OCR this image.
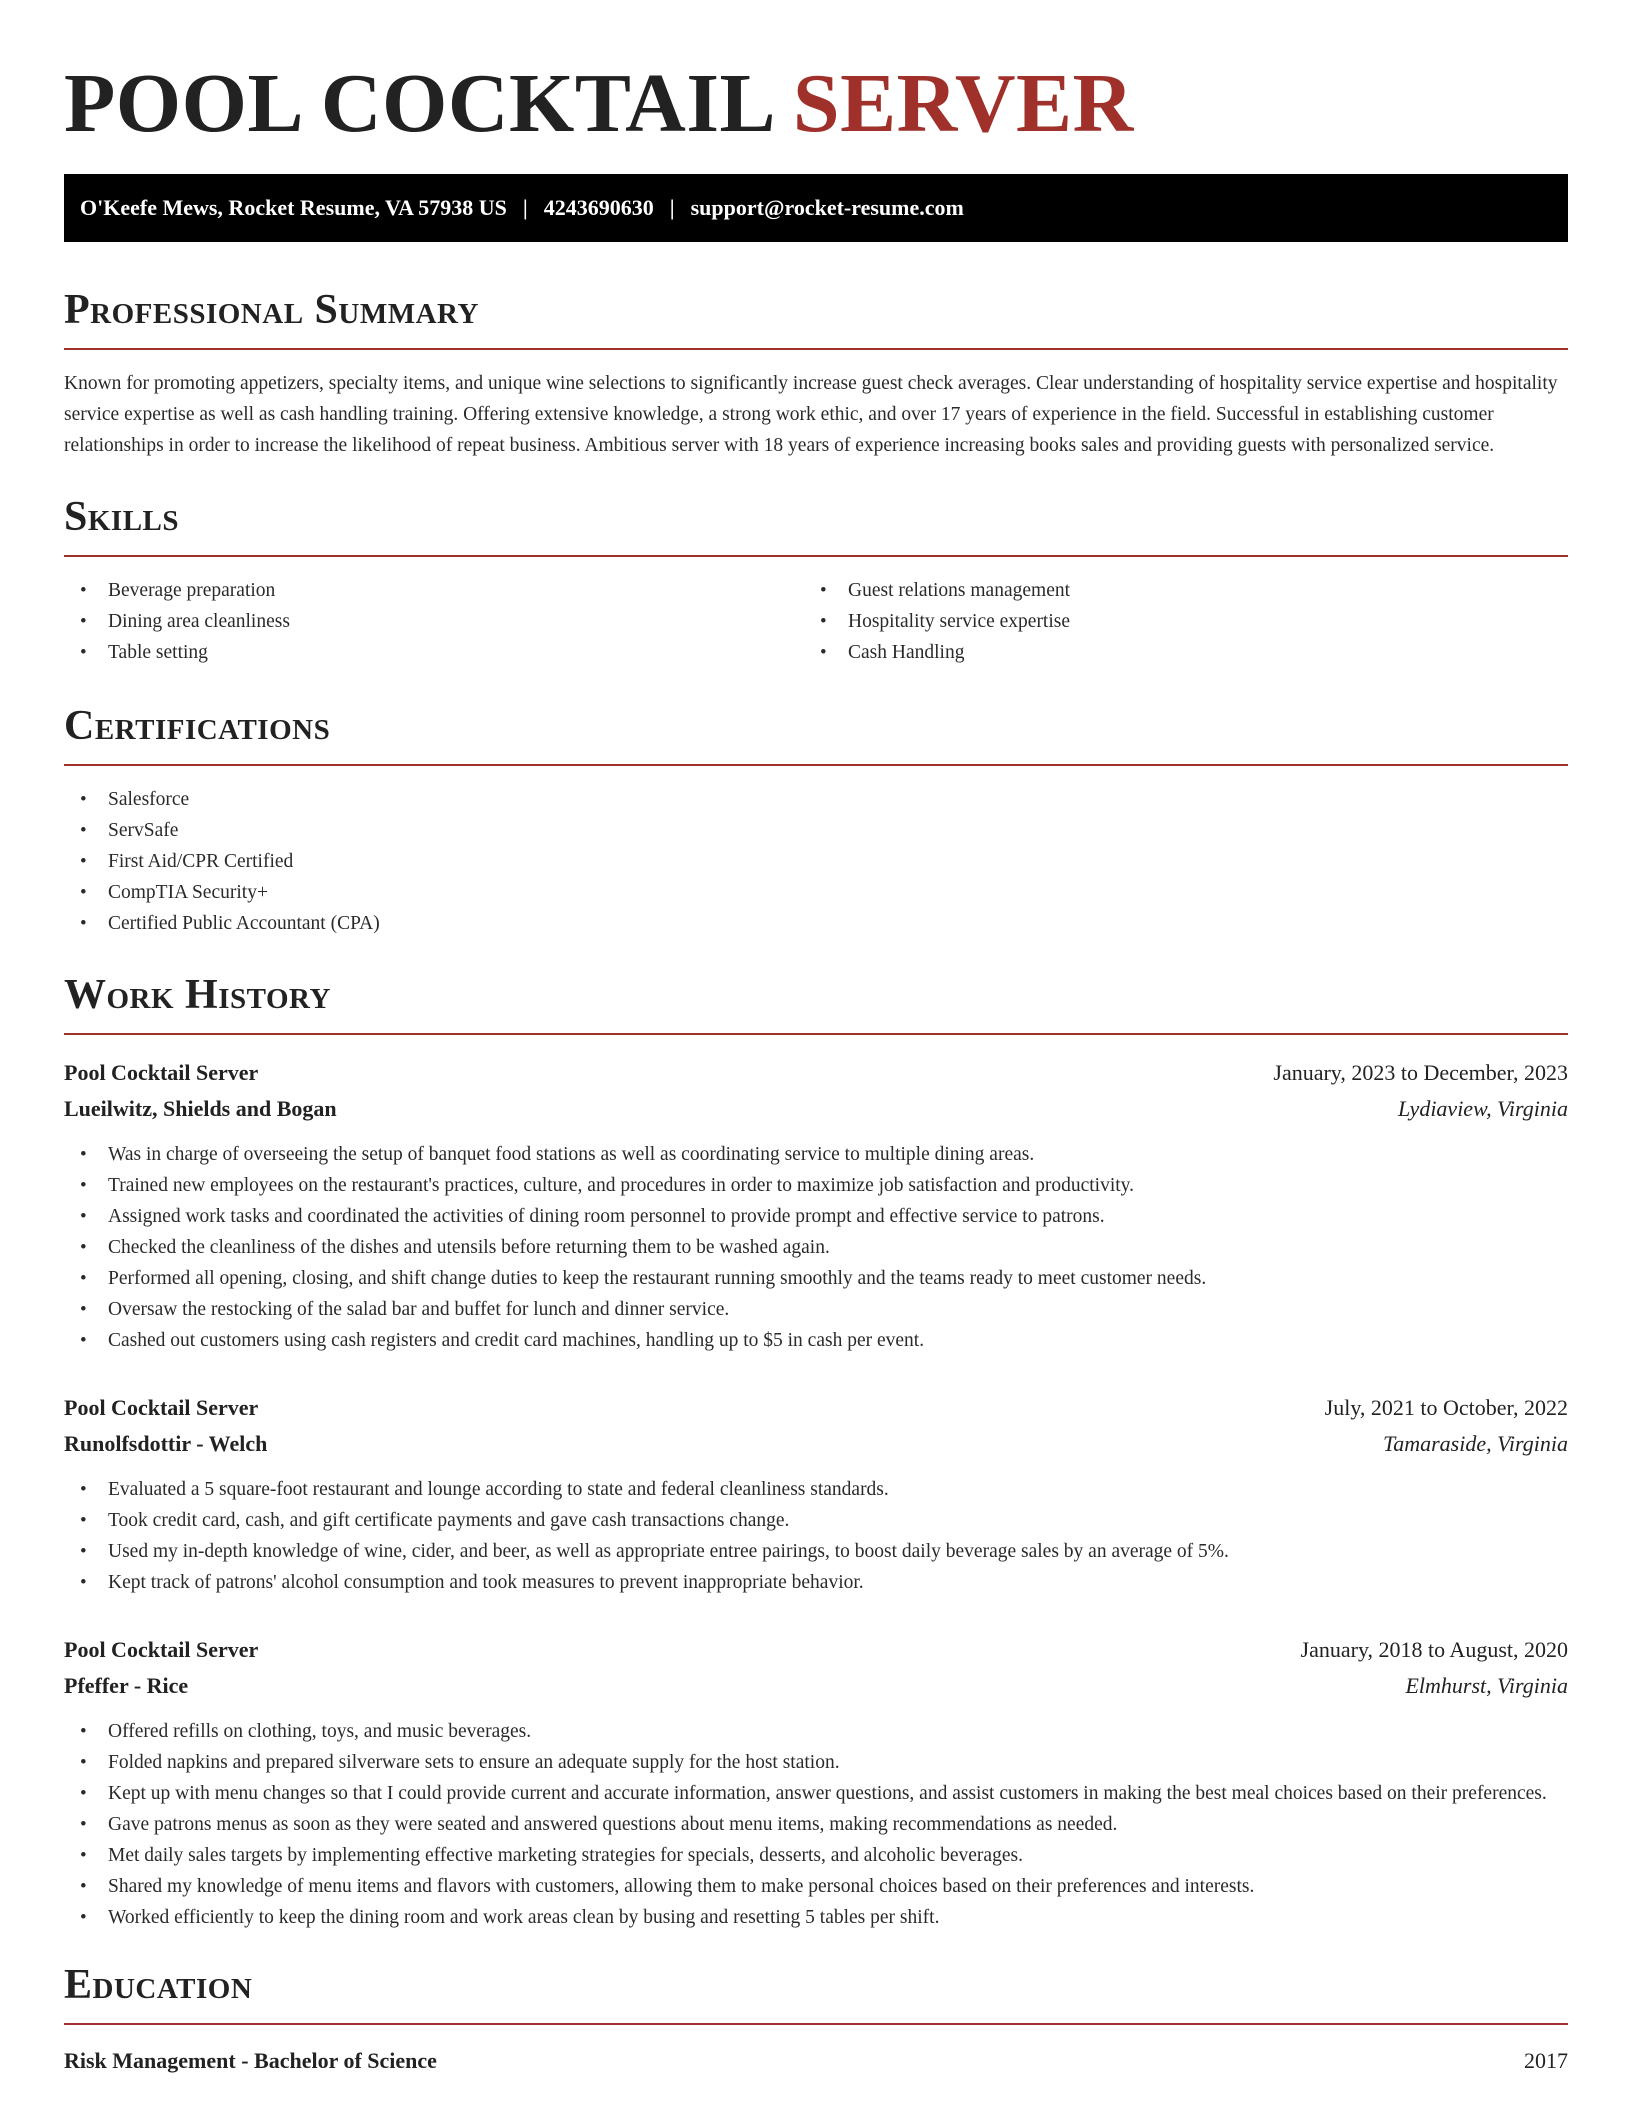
POOL COCKTAIL SERVER
O'Keefe Mews, Rocket Resume, VA 57938 US | 4243690630 | support@rocket-resume.com
Professional Summary

Known for promoting appetizers, specialty items, and unique wine selections to significantly increase guest check averages. Clear understanding of hospitality service expertise and hospitality service expertise as well as cash handling training. Offering extensive knowledge, a strong work ethic, and over 17 years of experience in the field. Successful in establishing customer relationships in order to increase the likelihood of repeat business. Ambitious server with 18 years of experience increasing books sales and providing guests with personalized service.

Skills
• Beverage preparation
• Dining area cleanliness
• Table setting
• Guest relations management
• Hospitality service expertise
• Cash Handling
Certifications
• Salesforce
• ServSafe
• First Aid/CPR Certified
• CompTIA Security+
• Certified Public Accountant (CPA)
Work History
Pool Cocktail Server	January, 2023 to December, 2023
Lueilwitz, Shields and Bogan	Lydiaview, Virginia
• Was in charge of overseeing the setup of banquet food stations as well as coordinating service to multiple dining areas.
• Trained new employees on the restaurant's practices, culture, and procedures in order to maximize job satisfaction and productivity.
• Assigned work tasks and coordinated the activities of dining room personnel to provide prompt and effective service to patrons.
• Checked the cleanliness of the dishes and utensils before returning them to be washed again.
• Performed all opening, closing, and shift change duties to keep the restaurant running smoothly and the teams ready to meet customer needs.
• Oversaw the restocking of the salad bar and buffet for lunch and dinner service.
• Cashed out customers using cash registers and credit card machines, handling up to $5 in cash per event.
Pool Cocktail Server	July, 2021 to October, 2022
Runolfsdottir - Welch	Tamaraside, Virginia
• Evaluated a 5 square-foot restaurant and lounge according to state and federal cleanliness standards.
• Took credit card, cash, and gift certificate payments and gave cash transactions change.
• Used my in-depth knowledge of wine, cider, and beer, as well as appropriate entree pairings, to boost daily beverage sales by an average of 5%.
• Kept track of patrons' alcohol consumption and took measures to prevent inappropriate behavior.
Pool Cocktail Server	January, 2018 to August, 2020
Pfeffer - Rice	Elmhurst, Virginia
• Offered refills on clothing, toys, and music beverages.
• Folded napkins and prepared silverware sets to ensure an adequate supply for the host station.
• Kept up with menu changes so that I could provide current and accurate information, answer questions, and assist customers in making the best meal choices based on their preferences.
• Gave patrons menus as soon as they were seated and answered questions about menu items, making recommendations as needed.
• Met daily sales targets by implementing effective marketing strategies for specials, desserts, and alcoholic beverages.
• Shared my knowledge of menu items and flavors with customers, allowing them to make personal choices based on their preferences and interests.
• Worked efficiently to keep the dining room and work areas clean by busing and resetting 5 tables per shift.
Education
Risk Management - Bachelor of Science	2017
